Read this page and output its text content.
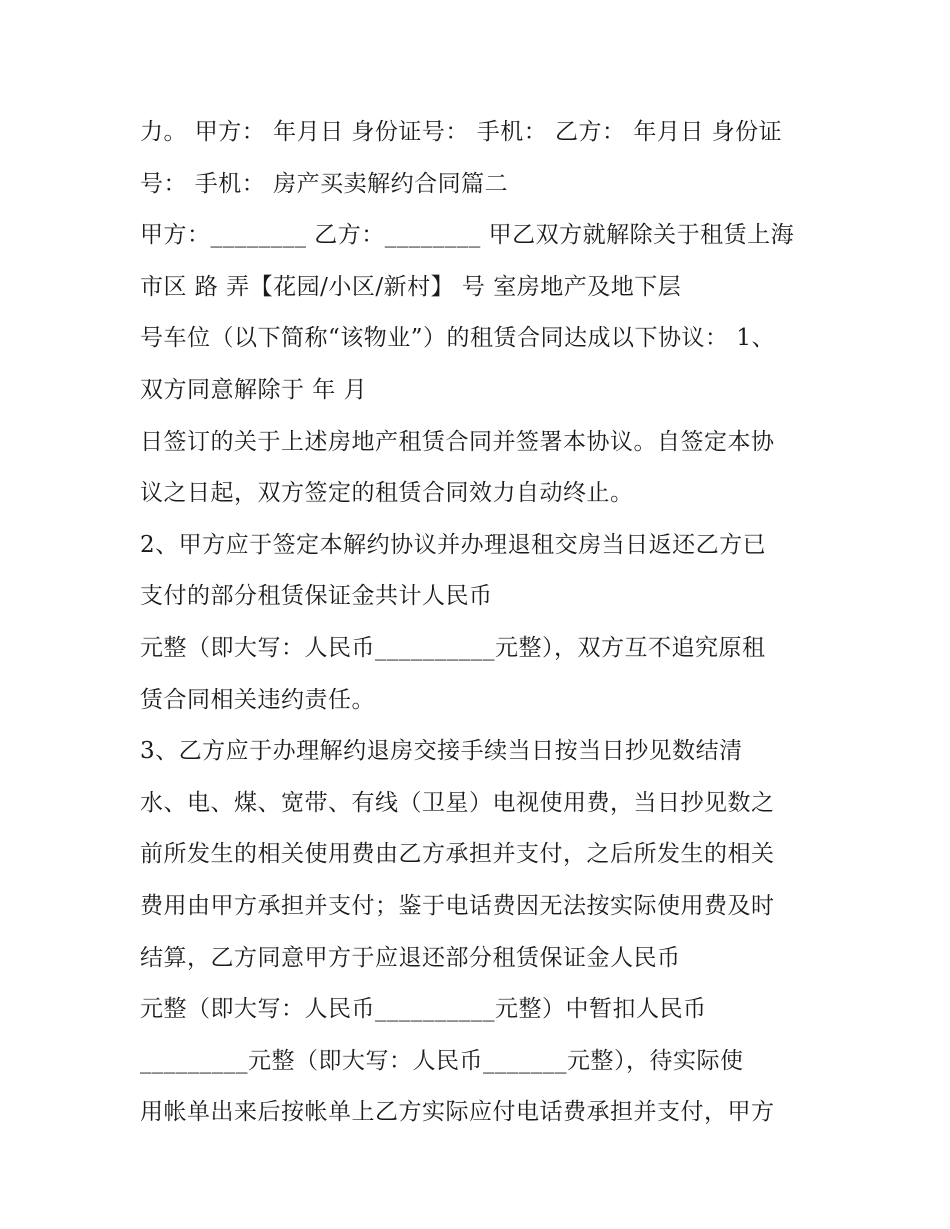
力。 甲方： 年月日 身份证号： 手机： 乙方： 年月日 身份证
号： 手机： 房产买卖解约合同篇二
甲方：________ 乙方：________ 甲乙双方就解除关于租赁上海
市区 路 弄【花园/小区/新村】 号 室房地产及地下层
号车位（以下简称“该物业”）的租赁合同达成以下协议： 1、
双方同意解除于 年 月
日签订的关于上述房地产租赁合同并签署本协议。自签定本协
议之日起，双方签定的租赁合同效力自动终止。
2、甲方应于签定本解约协议并办理退租交房当日返还乙方已
支付的部分租赁保证金共计人民币
元整（即大写：人民币__________元整），双方互不追究原租
赁合同相关违约责任。
3、乙方应于办理解约退房交接手续当日按当日抄见数结清
水、电、煤、宽带、有线（卫星）电视使用费，当日抄见数之
前所发生的相关使用费由乙方承担并支付，之后所发生的相关
费用由甲方承担并支付；鉴于电话费因无法按实际使用费及时
结算，乙方同意甲方于应退还部分租赁保证金人民币
元整（即大写：人民币__________元整）中暂扣人民币
_________元整（即大写：人民币_______元整），待实际使
用帐单出来后按帐单上乙方实际应付电话费承担并支付，甲方
